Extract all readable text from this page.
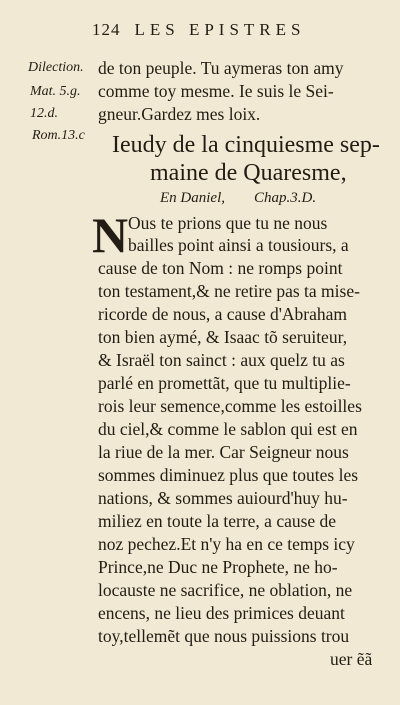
124 LES EPISTRES
Dilection.
Mat. 5.g.
12.d.
Rom.13.c
de ton peuple. Tu aymeras ton amy
comme toy mesme. Ie suis le Sei-
gneur.Gardez mes loix.
Ieudy de la cinquiesme sep-
maine de Quaresme,
En Daniel, Chap.3.D.
N Ous te prions que tu ne nous
bailles point ainsi a tousiours, a
cause de ton Nom : ne romps point
ton testament,& ne retire pas ta mise-
ricorde de nous, a cause d'Abraham
ton bien aymé, & Isaac tõ seruiteur,
& Israël ton sainct : aux quelz tu as
parlé en promettãt, que tu multiplie-
rois leur semence,comme les estoilles
du ciel,& comme le sablon qui est en
la riue de la mer. Car Seigneur nous
sommes diminuez plus que toutes les
nations, & sommes auiourd'huy hu-
miliez en toute la terre, a cause de
noz pechez.Et n'y ha en ce temps icy
Prince,ne Duc ne Prophete, ne ho-
locauste ne sacrifice, ne oblation, ne
encens, ne lieu des primices deuant
toy,tellemẽt que nous puissions trou
uer ẽã
